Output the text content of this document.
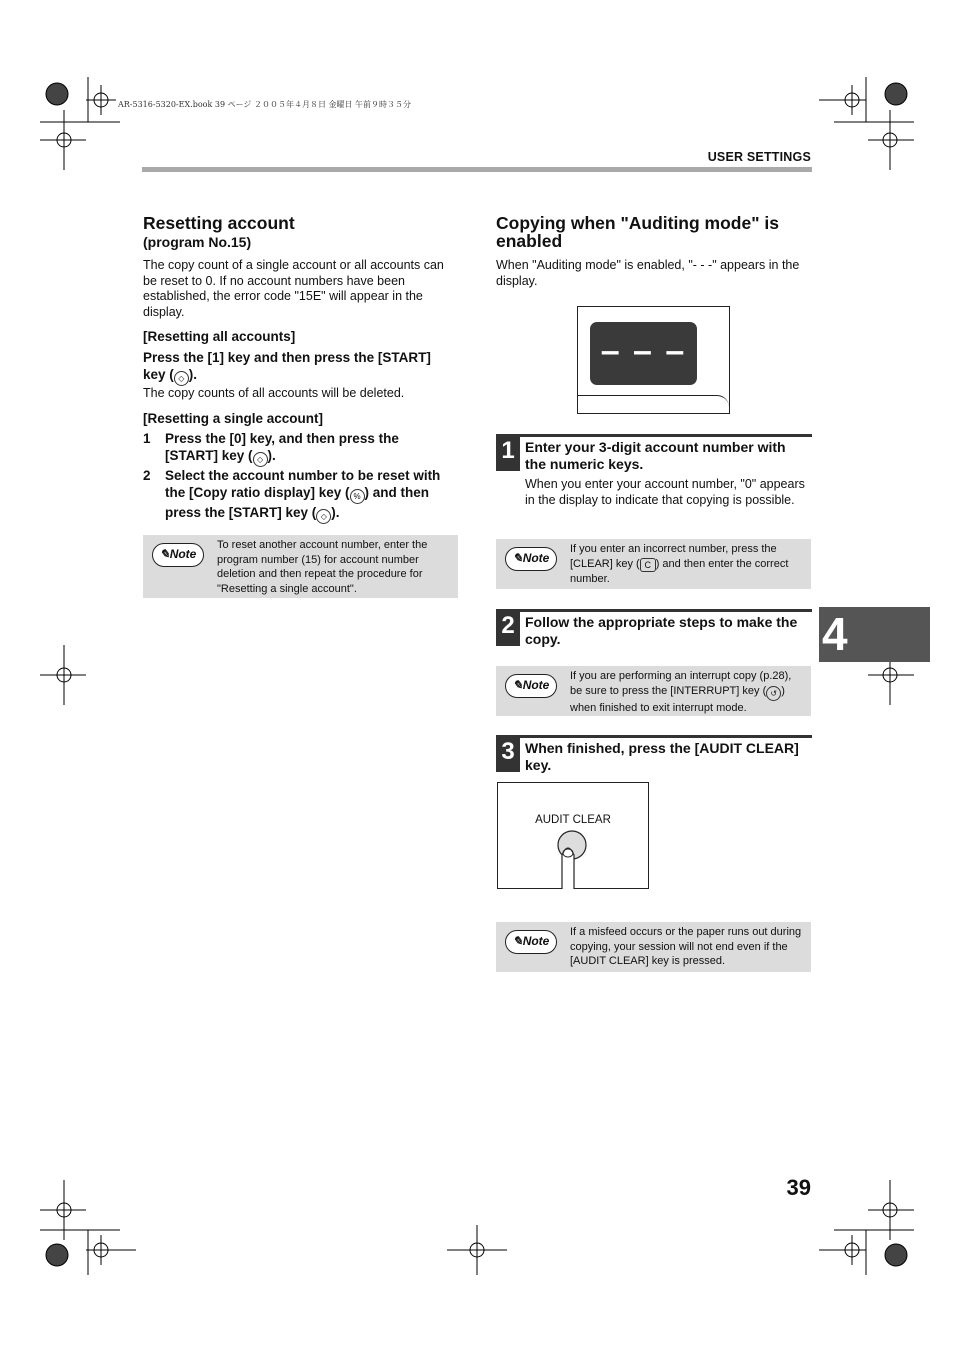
AR-5316-5320-EX.book 39 ページ ２００５年４月８日 金曜日 午前９時３５分
USER SETTINGS
Resetting account
(program No.15)
The copy count of a single account or all accounts can be reset to 0. If no account numbers have been established, the error code "15E" will appear in the display.
[Resetting all accounts]
Press the [1] key and then press the [START]
key ( ◇ ).
The copy counts of all accounts will be deleted.
[Resetting a single account]
1 Press the [0] key, and then press the
[START] key ( ◇ ).
2 Select the account number to be reset with
the [Copy ratio display] key ( % ) and then
press the [START] key ( ◇ ).
✎Note
To reset another account number, enter the program number (15) for account number deletion and then repeat the procedure for "Resetting a single account".
Copying when "Auditing mode" is enabled
When "Auditing mode" is enabled, "- - -" appears in the display.
– – –
1 Enter your 3-digit account number with the numeric keys.
When you enter your account number, "0" appears in the display to indicate that copying is possible.
✎Note
If you enter an incorrect number, press the [CLEAR] key ( C ) and then enter the correct number.
2 Follow the appropriate steps to make the copy.
✎Note
If you are performing an interrupt copy (p.28), be sure to press the [INTERRUPT] key ( ↺ ) when finished to exit interrupt mode.
3 When finished, press the [AUDIT CLEAR] key.
AUDIT CLEAR
✎Note
If a misfeed occurs or the paper runs out during copying, your session will not end even if the [AUDIT CLEAR] key is pressed.
4
39
